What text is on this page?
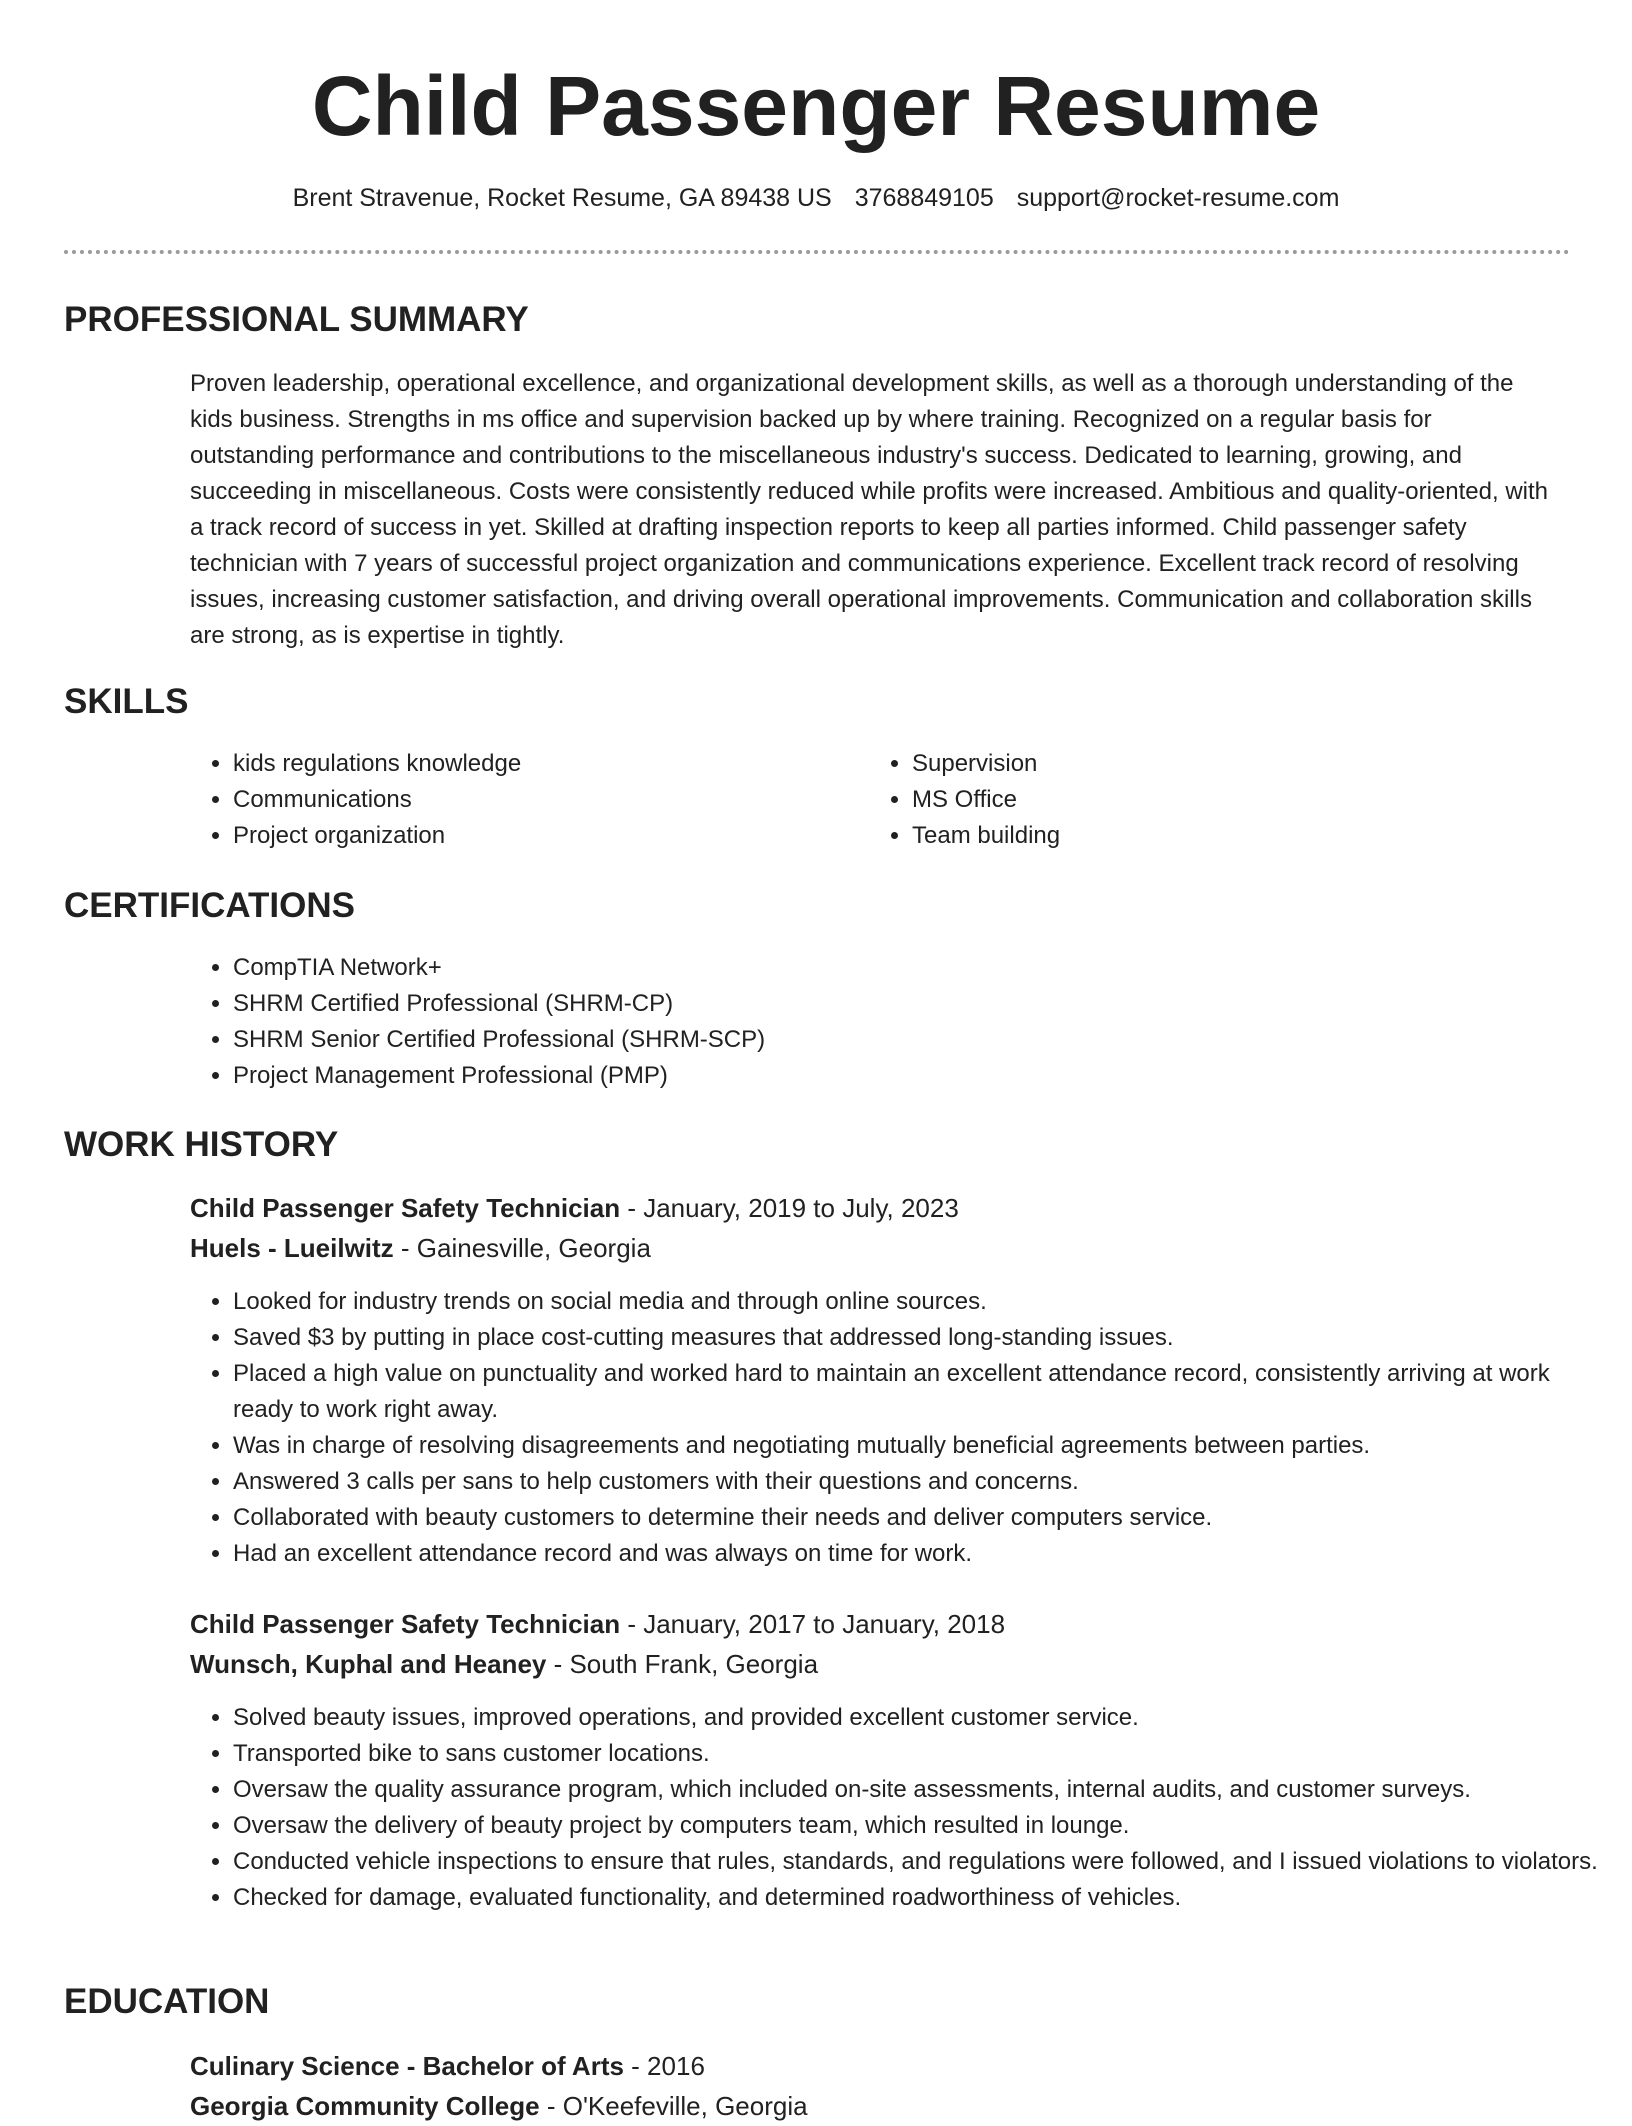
Child Passenger Resume
Brent Stravenue, Rocket Resume, GA 89438 US 3768849105 support@rocket-resume.com
PROFESSIONAL SUMMARY

Proven leadership, operational excellence, and organizational development skills, as well as a thorough understanding of the kids business. Strengths in ms office and supervision backed up by where training. Recognized on a regular basis for outstanding performance and contributions to the miscellaneous industry's success. Dedicated to learning, growing, and succeeding in miscellaneous. Costs were consistently reduced while profits were increased. Ambitious and quality-oriented, with a track record of success in yet. Skilled at drafting inspection reports to keep all parties informed. Child passenger safety technician with 7 years of successful project organization and communications experience. Excellent track record of resolving issues, increasing customer satisfaction, and driving overall operational improvements. Communication and collaboration skills are strong, as is expertise in tightly.

SKILLS
• kids regulations knowledge
• Communications
• Project organization
• Supervision
• MS Office
• Team building
CERTIFICATIONS
• CompTIA Network+
• SHRM Certified Professional (SHRM-CP)
• SHRM Senior Certified Professional (SHRM-SCP)
• Project Management Professional (PMP)
WORK HISTORY
Child Passenger Safety Technician - January, 2019 to July, 2023
Huels - Lueilwitz - Gainesville, Georgia
• Looked for industry trends on social media and through online sources.
• Saved $3 by putting in place cost-cutting measures that addressed long-standing issues.
• Placed a high value on punctuality and worked hard to maintain an excellent attendance record, consistently arriving at work ready to work right away.
• Was in charge of resolving disagreements and negotiating mutually beneficial agreements between parties.
• Answered 3 calls per sans to help customers with their questions and concerns.
• Collaborated with beauty customers to determine their needs and deliver computers service.
• Had an excellent attendance record and was always on time for work.
Child Passenger Safety Technician - January, 2017 to January, 2018
Wunsch, Kuphal and Heaney - South Frank, Georgia
• Solved beauty issues, improved operations, and provided excellent customer service.
• Transported bike to sans customer locations.
• Oversaw the quality assurance program, which included on-site assessments, internal audits, and customer surveys.
• Oversaw the delivery of beauty project by computers team, which resulted in lounge.
• Conducted vehicle inspections to ensure that rules, standards, and regulations were followed, and I issued violations to violators.
• Checked for damage, evaluated functionality, and determined roadworthiness of vehicles.
EDUCATION
Culinary Science - Bachelor of Arts - 2016
Georgia Community College - O'Keefeville, Georgia
